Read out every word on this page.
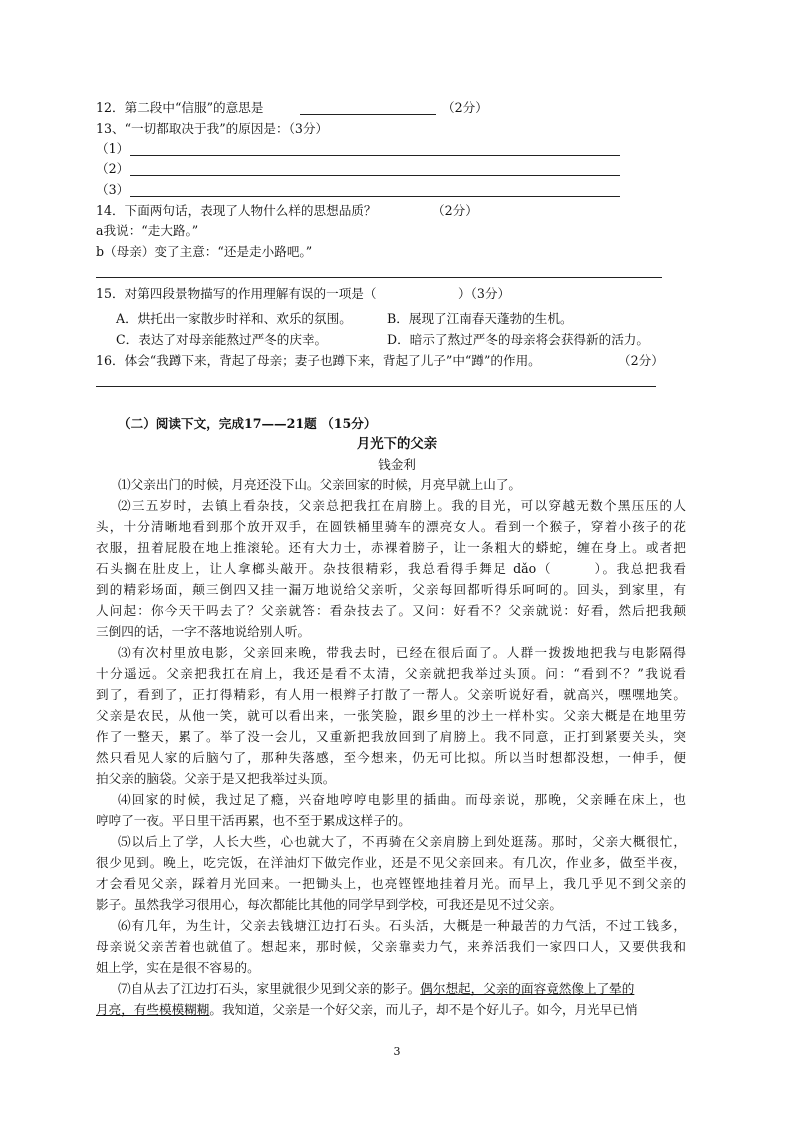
12．第二段中“信服”的意思是	（2分）
13、“一切都取决于我”的原因是：（3分）
（1）
（2）
（3）
14．下面两句话，表现了人物什么样的思想品质？	（2分）
a我说：“走大路。”
b（母亲）变了主意：“还是走小路吧。”
15．对第四段景物描写的作用理解有误的一项是（	）（3分）
A．烘托出一家散步时祥和、欢乐的氛围。	B．展现了江南春天蓬勃的生机。
C．表达了对母亲能熬过严冬的庆幸。	D．暗示了熬过严冬的母亲将会获得新的活力。
16．体会“我蹲下来，背起了母亲；妻子也蹲下来，背起了儿子”中“蹲”的作用。	（2分）
（二）阅读下文，完成17——21题 （15分）
月光下的父亲
钱金利
⑴父亲出门的时候，月亮还没下山。父亲回家的时候，月亮早就上山了。
⑵三五岁时，去镇上看杂技，父亲总把我扛在肩膀上。我的目光，可以穿越无数个黑压压的人
头，十分清晰地看到那个放开双手，在圆铁桶里骑车的漂亮女人。看到一个猴子，穿着小孩子的花
衣服，扭着屁股在地上推滚轮。还有大力士，赤裸着膀子，让一条粗大的蟒蛇，缠在身上。或者把
石头搁在肚皮上，让人拿榔头敲开。杂技很精彩，我总看得手舞足 dǎo（　　　）。我总把我看
到的精彩场面，颠三倒四又挂一漏万地说给父亲听，父亲每回都听得乐呵呵的。回头，到家里，有
人问起：你今天干吗去了？父亲就答：看杂技去了。又问：好看不？父亲就说：好看，然后把我颠
三倒四的话，一字不落地说给别人听。
⑶有次村里放电影，父亲回来晚，带我去时，已经在很后面了。人群一拨拨地把我与电影隔得
十分遥远。父亲把我扛在肩上，我还是看不太清，父亲就把我举过头顶。问：“看到不？”我说看
到了，看到了，正打得精彩，有人用一根辫子打散了一帮人。父亲听说好看，就高兴，嘿嘿地笑。
父亲是农民，从他一笑，就可以看出来，一张笑脸，跟乡里的沙土一样朴实。父亲大概是在地里劳
作了一整天，累了。举了没一会儿，又重新把我放回到了肩膀上。我不同意，正打到紧要关头，突
然只看见人家的后脑勺了，那种失落感，至今想来，仍无可比拟。所以当时想都没想，一伸手，便
拍父亲的脑袋。父亲于是又把我举过头顶。
⑷回家的时候，我过足了瘾，兴奋地哼哼电影里的插曲。而母亲说，那晚，父亲睡在床上，也
哼哼了一夜。平日里干活再累，也不至于累成这样子的。
⑸以后上了学，人长大些，心也就大了，不再骑在父亲肩膀上到处逛荡。那时，父亲大概很忙，
很少见到。晚上，吃完饭，在洋油灯下做完作业，还是不见父亲回来。有几次，作业多，做至半夜，
才会看见父亲，踩着月光回来。一把锄头上，也亮铿铿地挂着月光。而早上，我几乎见不到父亲的
影子。虽然我学习很用心，每次都能比其他的同学早到学校，可我还是见不过父亲。
⑹有几年，为生计，父亲去钱塘江边打石头。石头活，大概是一种最苦的力气活，不过工钱多，
母亲说父亲苦着也就值了。想起来，那时候，父亲靠卖力气，来养活我们一家四口人，又要供我和
姐上学，实在是很不容易的。
⑺自从去了江边打石头，家里就很少见到父亲的影子。偶尔想起，父亲的面容竟然像上了晕的
月亮，有些模模糊糊。我知道，父亲是一个好父亲，而儿子，却不是个好儿子。如今，月光早已悄
3
